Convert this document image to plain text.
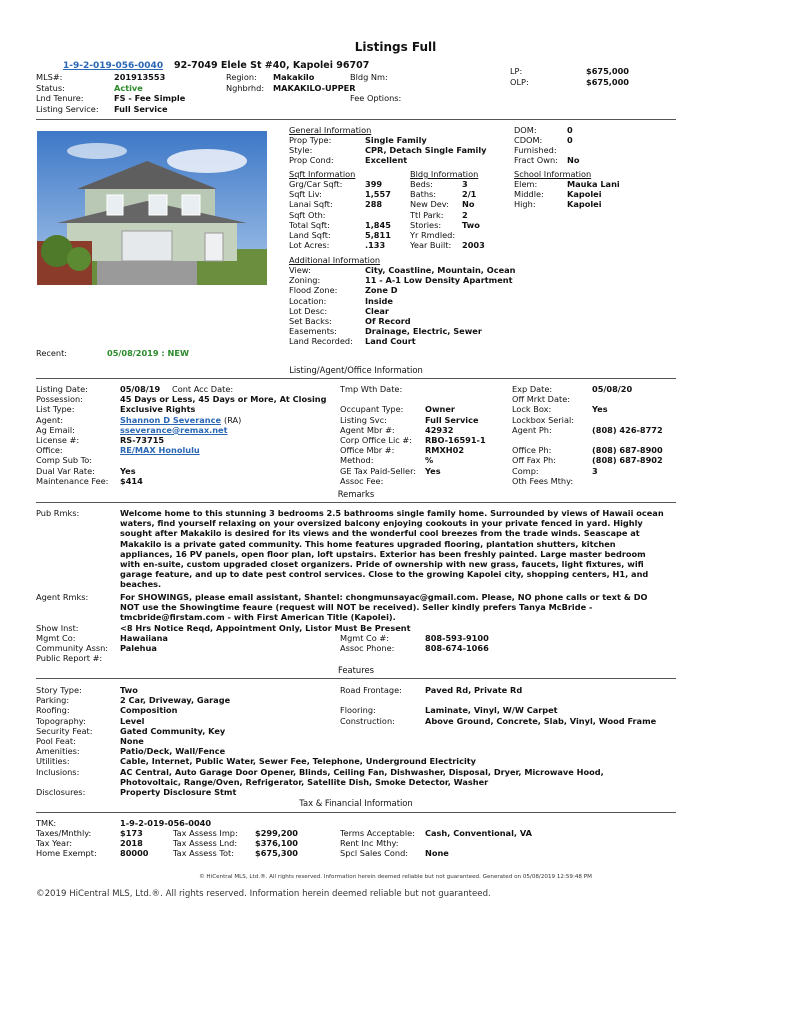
Listings Full
1-9-2-019-056-0040 92-7049 Elele St #40, Kapolei 96707
MLS#:	201913553	Region: Makakilo	Bldg Nm:
LP:	$675,000
OLP:	$675,000
Status:	Active	Nghbrhd: MAKAKILO-UPPER
Lnd Tenure:	FS - Fee Simple	Fee Options:
Listing Service: Full Service
General Information
Prop Type:	Single Family
Style:	CPR, Detach Single Family
Prop Cond:	Excellent
DOM:	0
CDOM:	0
Furnished:
Fract Own: No
Sqft Information
Grg/Car Sqft:	399
Sqft Liv:	1,557
Lanai Sqft:	288
Sqft Oth:
Total Sqft:	1,845
Land Sqft:	5,811
Lot Acres:	.133
Bldg Information
Beds:	3
Baths:	2/1
New Dev: No
Ttl Park: 2
Stories:	Two
Yr Rmdled:
Year Built: 2003
School Information
Elem:	Mauka Lani
Middle:	Kapolei
High:	Kapolei
Additional Information
View:	City, Coastline, Mountain, Ocean
Zoning:	11 - A-1 Low Density Apartment
Flood Zone:	Zone D
Location:	Inside
Lot Desc:	Clear
Set Backs:	Of Record
Easements:	Drainage, Electric, Sewer
Land Recorded: Land Court
Recent:	05/08/2019 : NEW
Listing/Agent/Office Information
Listing Date:	05/08/19
Possession:	45 Days or Less, 45 Days or More, At Closing
List Type:	Exclusive Rights
Agent:	Shannon D Severance (RA)
Ag Email:	sseverance@remax.net
License #:	RS-73715
Office:	RE/MAX Honolulu
Comp Sub To:
Dual Var Rate:	Yes
Maintenance Fee: $414
Tmp Wth Date:
Occupant Type:	Owner
Listing Svc:	Full Service
Agent Mbr #:	42932
Corp Office Lic #: RBO-16591-1
Office Mbr #:	RMXH02
Method:	%
GE Tax Paid-Seller: Yes
Assoc Fee:
Exp Date:	05/08/20
Off Mrkt Date:
Lock Box:	Yes
Lockbox Serial:
Agent Ph:	(808) 426-8772
Office Ph:	(808) 687-8900
Off Fax Ph:	(808) 687-8902
Comp:	3
Oth Fees Mthy:
Cont Acc Date:
Remarks
Pub Rmks:	Welcome home to this stunning 3 bedrooms 2.5 bathrooms single family home. Surrounded by views of Hawaii ocean waters, find yourself relaxing on your oversized balcony enjoying cookouts in your private fenced in yard. Highly sought after Makakilo is desired for its views and the wonderful cool breezes from the trade winds. Seascape at Makakilo is a private gated community. This home features upgraded flooring, plantation shutters, kitchen appliances, 16 PV panels, open floor plan, loft upstairs. Exterior has been freshly painted. Large master bedroom with en-suite, custom upgraded closet organizers. Pride of ownership with new grass, faucets, light fixtures, wifi garage feature, and up to date pest control services. Close to the growing Kapolei city, shopping centers, H1, and beaches.
Agent Rmks:	For SHOWINGS, please email assistant, Shantel: chongmunsayac@gmail.com. Please, NO phone calls or text & DO NOT use the Showingtime feaure (request will NOT be received). Seller kindly prefers Tanya McBride - tmcbride@firstam.com - with First American Title (Kapolei).
Show Inst:	<8 Hrs Notice Reqd, Appointment Only, Listor Must Be Present
Mgmt Co:	Hawaiiana	Mgmt Co #:	808-593-9100
Community Assn: Palehua	Assoc Phone:	808-674-1066
Public Report #:
Features
Story Type:	Two
Parking:	2 Car, Driveway, Garage
Roofing:	Composition
Topography:	Level
Security Feat:	Gated Community, Key
Pool Feat:	None
Amenities:	Patio/Deck, Wall/Fence
Utilities:	Cable, Internet, Public Water, Sewer Fee, Telephone, Underground Electricity
Inclusions:	AC Central, Auto Garage Door Opener, Blinds, Ceiling Fan, Dishwasher, Disposal, Dryer, Microwave Hood,
Photovoltaic, Range/Oven, Refrigerator, Satellite Dish, Smoke Detector, Washer
Disclosures:	Property Disclosure Stmt
Road Frontage:	Paved Rd, Private Rd
Flooring:	Laminate, Vinyl, W/W Carpet
Construction:	Above Ground, Concrete, Slab, Vinyl, Wood Frame
Tax & Financial Information
TMK:	1-9-2-019-056-0040
Taxes/Mnthly:	$173
Tax Year:	2018
Home Exempt:	80000
Tax Assess Imp: $299,200
Tax Assess Lnd: $376,100
Tax Assess Tot:	$675,300
Terms Acceptable: Cash, Conventional, VA
Rent Inc Mthy:
Spcl Sales Cond: None
© HiCentral MLS, Ltd.®. All rights reserved. Information herein deemed reliable but not guaranteed. Generated on 05/08/2019 12:59:48 PM
©2019 HiCentral MLS, Ltd.®. All rights reserved. Information herein deemed reliable but not guaranteed.
